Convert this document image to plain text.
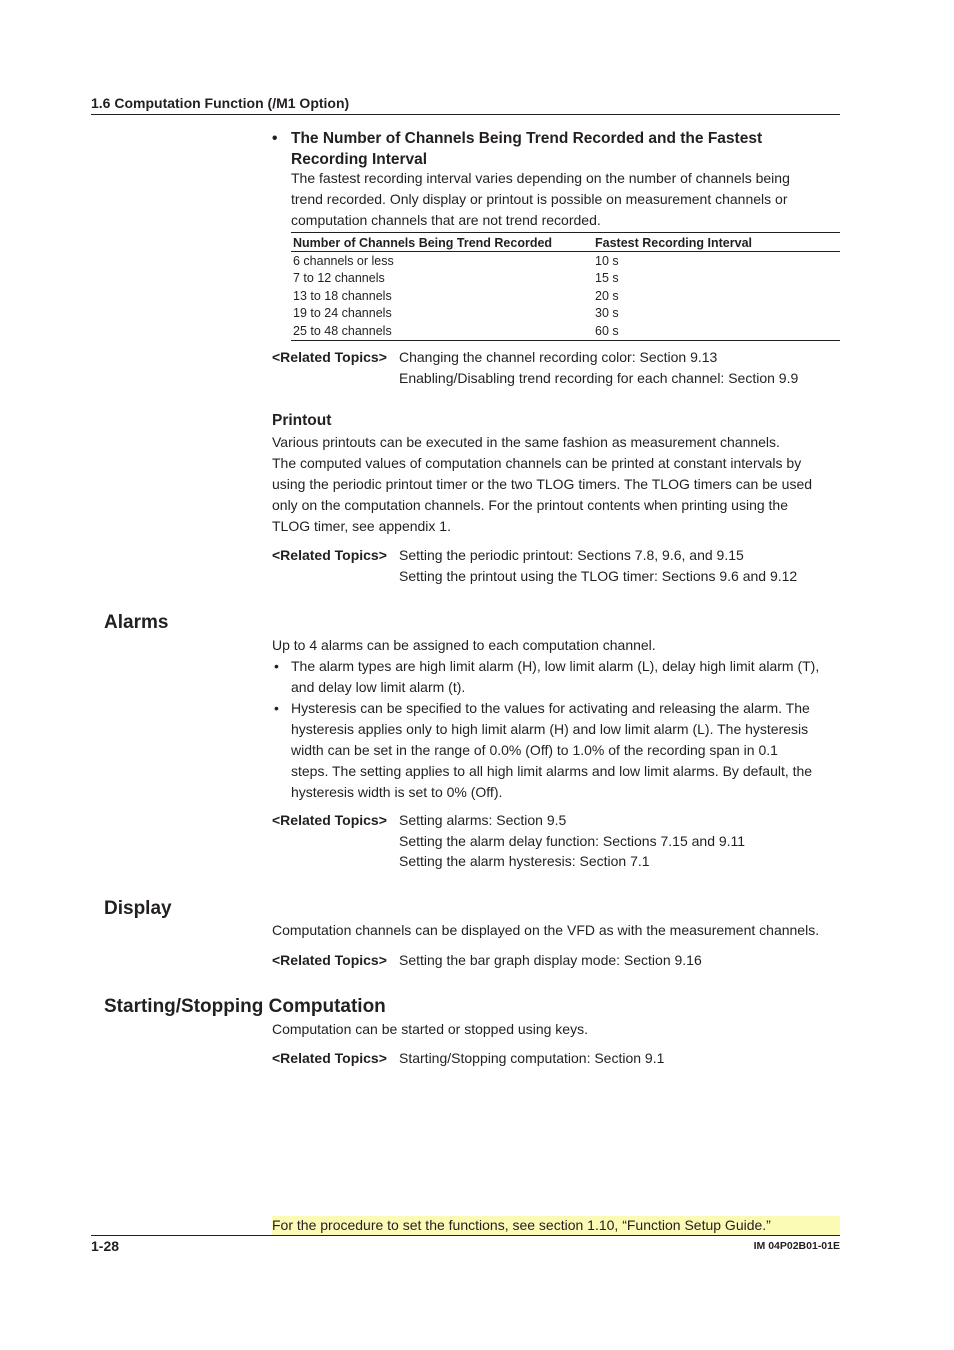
1.6 Computation Function (/M1 Option)
• The Number of Channels Being Trend Recorded and the Fastest
Recording Interval
The fastest recording interval varies depending on the number of channels being
trend recorded. Only display or printout is possible on measurement channels or
computation channels that are not trend recorded.
Number of Channels Being Trend Recorded	Fastest Recording Interval
6 channels or less	10 s
7 to 12 channels	15 s
13 to 18 channels	20 s
19 to 24 channels	30 s
25 to 48 channels	60 s
<Related Topics> Changing the channel recording color: Section 9.13
Enabling/Disabling trend recording for each channel: Section 9.9
Printout
Various printouts can be executed in the same fashion as measurement channels.
The computed values of computation channels can be printed at constant intervals by
using the periodic printout timer or the two TLOG timers. The TLOG timers can be used
only on the computation channels. For the printout contents when printing using the
TLOG timer, see appendix 1.
<Related Topics> Setting the periodic printout: Sections 7.8, 9.6, and 9.15
Setting the printout using the TLOG timer: Sections 9.6 and 9.12
Alarms
Up to 4 alarms can be assigned to each computation channel.
• The alarm types are high limit alarm (H), low limit alarm (L), delay high limit alarm (T),
and delay low limit alarm (t).
• Hysteresis can be specified to the values for activating and releasing the alarm. The
hysteresis applies only to high limit alarm (H) and low limit alarm (L). The hysteresis
width can be set in the range of 0.0% (Off) to 1.0% of the recording span in 0.1
steps. The setting applies to all high limit alarms and low limit alarms. By default, the
hysteresis width is set to 0% (Off).
<Related Topics> Setting alarms: Section 9.5
Setting the alarm delay function: Sections 7.15 and 9.11
Setting the alarm hysteresis: Section 7.1
Display
Computation channels can be displayed on the VFD as with the measurement channels.
<Related Topics> Setting the bar graph display mode: Section 9.16
Starting/Stopping Computation
Computation can be started or stopped using keys.
<Related Topics> Starting/Stopping computation: Section 9.1
For the procedure to set the functions, see section 1.10, “Function Setup Guide.”
1-28	IM 04P02B01-01E
